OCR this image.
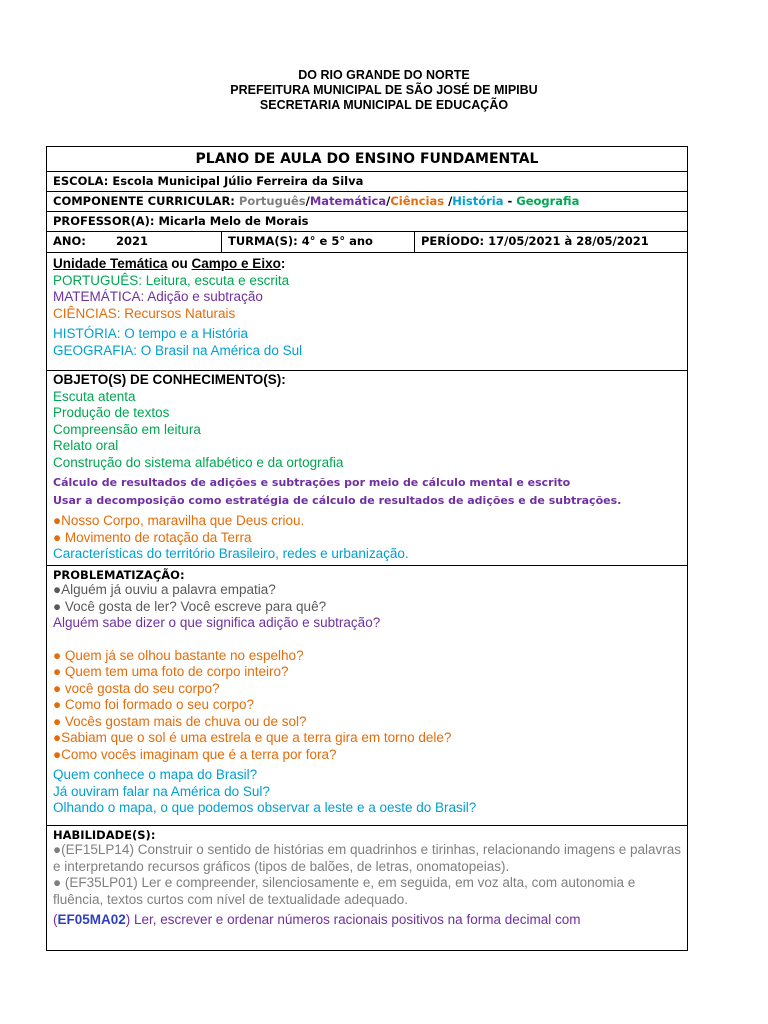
DO RIO GRANDE DO NORTE
PREFEITURA MUNICIPAL DE SÃO JOSÉ DE MIPIBU
SECRETARIA MUNICIPAL DE EDUCAÇÃO
PLANO DE AULA DO ENSINO FUNDAMENTAL
ESCOLA: Escola Municipal Júlio Ferreira da Silva
COMPONENTE CURRICULAR: Português/Matemática/Ciências /História - Geografia
PROFESSOR(A): Micarla Melo de Morais
ANO:	2021	TURMA(S): 4° e 5° ano	PERÍODO: 17/05/2021 à 28/05/2021

Unidade Temática ou Campo e Eixo:
PORTUGUÊS: Leitura, escuta e escrita
MATEMÁTICA: Adição e subtração
CIÊNCIAS: Recursos Naturais
HISTÓRIA: O tempo e a História
GEOGRAFIA: O Brasil na América do Sul

OBJETO(S) DE CONHECIMENTO(S):
Escuta atenta
Produção de textos
Compreensão em leitura
Relato oral
Construção do sistema alfabético e da ortografia
Cálculo de resultados de adições e subtrações por meio de cálculo mental e escrito
Usar a decomposição como estratégia de cálculo de resultados de adições e de subtrações.
●Nosso Corpo, maravilha que Deus criou.
● Movimento de rotação da Terra
Características do território Brasileiro, redes e urbanização.

PROBLEMATIZAÇÃO:
●Alguém já ouviu a palavra empatia?
● Você gosta de ler? Você escreve para quê?
Alguém sabe dizer o que significa adição e subtração?
● Quem já se olhou bastante no espelho?
● Quem tem uma foto de corpo inteiro?
● você gosta do seu corpo?
● Como foi formado o seu corpo?
● Vocês gostam mais de chuva ou de sol?
●Sabiam que o sol é uma estrela e que a terra gira em torno dele?
●Como vocês imaginam que é a terra por fora?
Quem conhece o mapa do Brasil?
Já ouviram falar na América do Sul?
Olhando o mapa, o que podemos observar a leste e a oeste do Brasil?

HABILIDADE(S):
●(EF15LP14) Construir o sentido de histórias em quadrinhos e tirinhas, relacionando imagens e palavras e interpretando recursos gráficos (tipos de balões, de letras, onomatopeias).
● (EF35LP01) Ler e compreender, silenciosamente e, em seguida, em voz alta, com autonomia e fluência, textos curtos com nível de textualidade adequado.
(EF05MA02) Ler, escrever e ordenar números racionais positivos na forma decimal com
